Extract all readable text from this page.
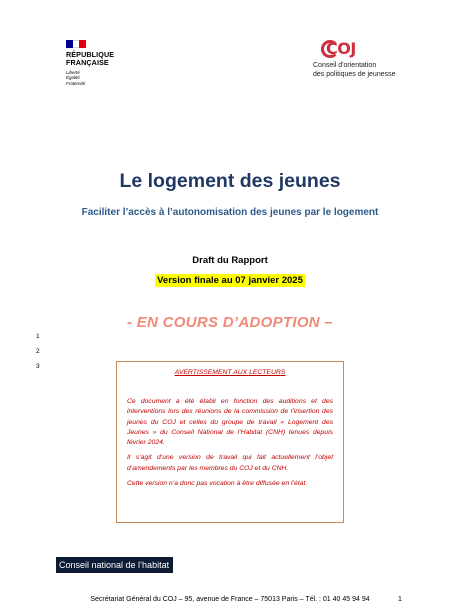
RÉPUBLIQUE
FRANÇAISE
Liberté
Égalité
Fraternité
COJ
Conseil d'orientation
des politiques de jeunesse
Le logement des jeunes
Faciliter l’accès à l’autonomisation des jeunes par le logement
Draft du Rapport
Version finale au 07 janvier 2025
- EN COURS D’ADOPTION –
1
2
3
AVERTISSEMENT AUX LECTEURS

Ce document a été établi en fonction des auditions et des interventions lors des réunions de la commission de l’insertion des jeunes du COJ et celles du groupe de travail « Logement des Jeunes » du Conseil National de l’Habitat (CNH) tenues depuis février 2024.

Il s’agit d’une version de travail qui fait actuellement l’objet d’amendements par les membres du COJ et du CNH.

Cette version n’a donc pas vocation à être diffusée en l’état.

Conseil national de l’habitat
Secrétariat Général du COJ – 95, avenue de France – 75013 Paris – Tél. : 01 40 45 94 94	1
